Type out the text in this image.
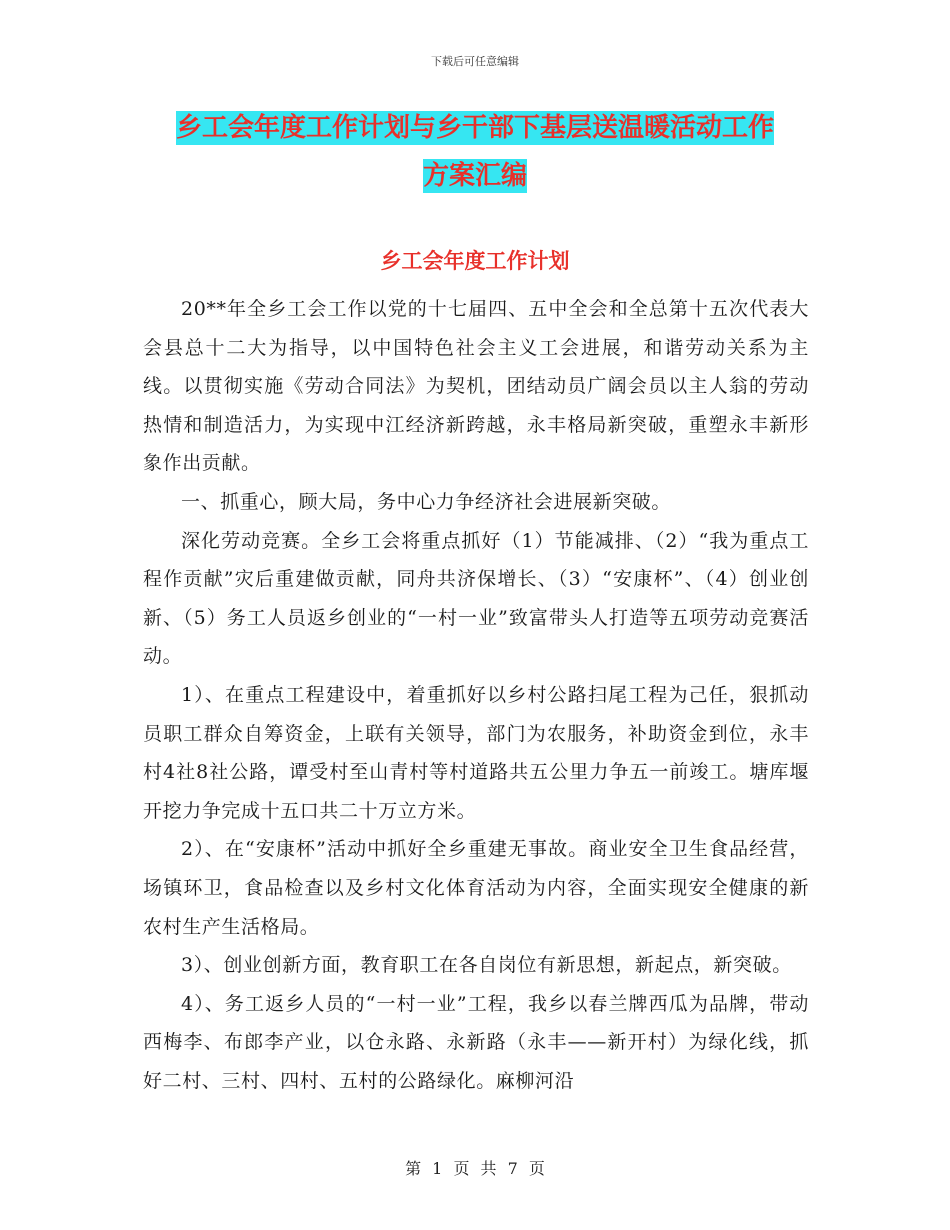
下载后可任意编辑
乡工会年度工作计划与乡干部下基层送温暖活动工作
方案汇编
乡工会年度工作计划

20**年全乡工会工作以党的十七届四、五中全会和全总第十五次代表大会县总十二大为指导，以中国特色社会主义工会进展，和谐劳动关系为主线。以贯彻实施《劳动合同法》为契机，团结动员广阔会员以主人翁的劳动热情和制造活力，为实现中江经济新跨越，永丰格局新突破，重塑永丰新形象作出贡献。

一、抓重心，顾大局，务中心力争经济社会进展新突破。

深化劳动竞赛。全乡工会将重点抓好（1）节能减排、（2）“我为重点工程作贡献”灾后重建做贡献，同舟共济保增长、（3）“安康杯”、（4）创业创新、（5）务工人员返乡创业的“一村一业”致富带头人打造等五项劳动竞赛活动。

1）、在重点工程建设中，着重抓好以乡村公路扫尾工程为己任，狠抓动员职工群众自筹资金，上联有关领导，部门为农服务，补助资金到位，永丰村4社8社公路，谭受村至山青村等村道路共五公里力争五一前竣工。塘库堰开挖力争完成十五口共二十万立方米。

2）、在“安康杯”活动中抓好全乡重建无事故。商业安全卫生食品经营，场镇环卫，食品检查以及乡村文化体育活动为内容，全面实现安全健康的新农村生产生活格局。

3）、创业创新方面，教育职工在各自岗位有新思想，新起点，新突破。

4）、务工返乡人员的“一村一业”工程，我乡以春兰牌西瓜为品牌，带动西梅李、布郎李产业，以仓永路、永新路（永丰——新开村）为绿化线，抓好二村、三村、四村、五村的公路绿化。麻柳河沿

第 1 页 共 7 页
